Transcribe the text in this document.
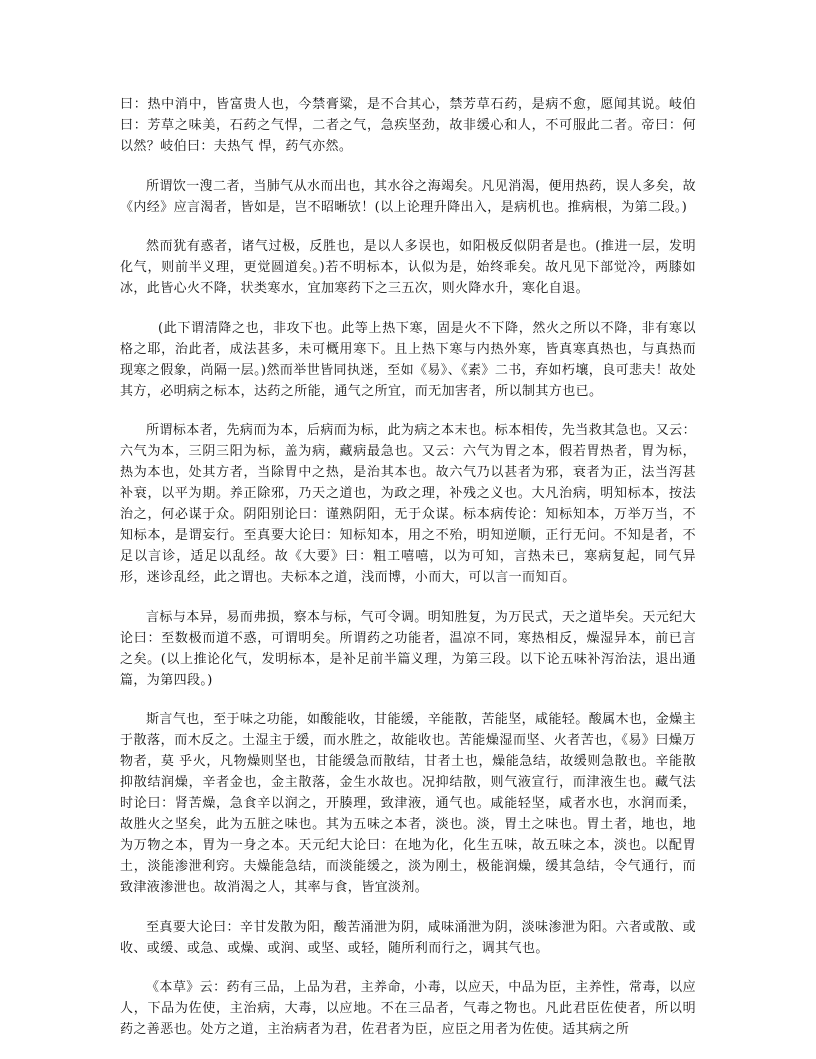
曰：热中消中，皆富贵人也，今禁膏粱，是不合其心，禁芳草石药，是病不愈，愿闻其说。岐伯曰：芳草之味美，石药之气悍，二者之气，急疾坚劲，故非缓心和人，不可服此二者。帝曰：何以然？岐伯曰：夫热气 悍，药气亦然。

所谓饮一溲二者，当肺气从水而出也，其水谷之海竭矣。凡见消渴，便用热药，误人多矣，故《内经》应言渴者，皆如是，岂不昭晰欤！(以上论理升降出入，是病机也。推病根，为第二段。)

然而犹有惑者，诸气过极，反胜也，是以人多误也，如阳极反似阴者是也。(推进一层，发明化气，则前半义理，更觉圆道矣。)若不明标本，认似为是，始终乖矣。故凡见下部觉冷，两膝如冰，此皆心火不降，状类寒水，宜加寒药下之三五次，则火降水升，寒化自退。

(此下谓清降之也，非攻下也。此等上热下寒，固是火不下降，然火之所以不降，非有寒以格之耶，治此者，成法甚多，未可概用寒下。且上热下寒与内热外寒，皆真寒真热也，与真热而现寒之假象，尚隔一层。)然而举世皆同执迷，至如《易》、《素》二书，弃如朽壤，良可悲夫！故处其方，必明病之标本，达药之所能，通气之所宜，而无加害者，所以制其方也已。

所谓标本者，先病而为本，后病而为标，此为病之本末也。标本相传，先当救其急也。又云：六气为本，三阴三阳为标，盖为病，藏病最急也。又云：六气为胃之本，假若胃热者，胃为标，热为本也，处其方者，当除胃中之热，是治其本也。故六气乃以甚者为邪，衰者为正，法当泻甚补衰，以平为期。养正除邪，乃天之道也，为政之理，补残之义也。大凡治病，明知标本，按法治之，何必谋于众。阴阳别论曰：谨熟阴阳，无于众谋。标本病传论：知标知本，万举万当，不知标本，是谓妄行。至真要大论曰：知标知本，用之不殆，明知逆顺，正行无问。不知是者，不足以言诊，适足以乱经。故《大要》曰：粗工嘻嘻，以为可知，言热未已，寒病复起，同气异形，迷诊乱经，此之谓也。夫标本之道，浅而博，小而大，可以言一而知百。

言标与本异，易而弗损，察本与标，气可令调。明知胜复，为万民式，天之道毕矣。天元纪大论曰：至数极而道不惑，可谓明矣。所谓药之功能者，温凉不同，寒热相反，燥湿异本，前已言之矣。(以上推论化气，发明标本，是补足前半篇义理，为第三段。以下论五味补泻治法，退出通篇，为第四段。)

斯言气也，至于味之功能，如酸能收，甘能缓，辛能散，苦能坚，咸能轻。酸属木也，金燥主于散落，而木反之。土湿主于缓，而水胜之，故能收也。苦能燥湿而坚、火者苦也，《易》曰燥万物者，莫 乎火，凡物燥则坚也，甘能缓急而散结，甘者土也，燥能急结，故缓则急散也。辛能散抑散结润燥，辛者金也，金主散落，金生水故也。况抑结散，则气液宣行，而津液生也。藏气法时论曰：肾苦燥，急食辛以润之，开腠理，致津液，通气也。咸能轻坚，咸者水也，水润而柔，故胜火之坚矣，此为五脏之味也。其为五味之本者，淡也。淡，胃土之味也。胃土者，地也，地为万物之本，胃为一身之本。天元纪大论曰：在地为化，化生五味，故五味之本，淡也。以配胃土，淡能渗泄利窍。夫燥能急结，而淡能缓之，淡为刚土，极能润燥，缓其急结，令气通行，而致津液渗泄也。故消渴之人，其率与食，皆宜淡剂。

至真要大论曰：辛甘发散为阳，酸苦涌泄为阴，咸味涌泄为阴，淡味渗泄为阳。六者或散、或收、或缓、或急、或燥、或润、或坚、或轻，随所利而行之，调其气也。

《本草》云：药有三品，上品为君，主养命，小毒，以应天，中品为臣，主养性，常毒，以应人，下品为佐使，主治病，大毒，以应地。不在三品者，气毒之物也。凡此君臣佐使者，所以明药之善恶也。处方之道，主治病者为君，佐君者为臣，应臣之用者为佐使。适其病之所
